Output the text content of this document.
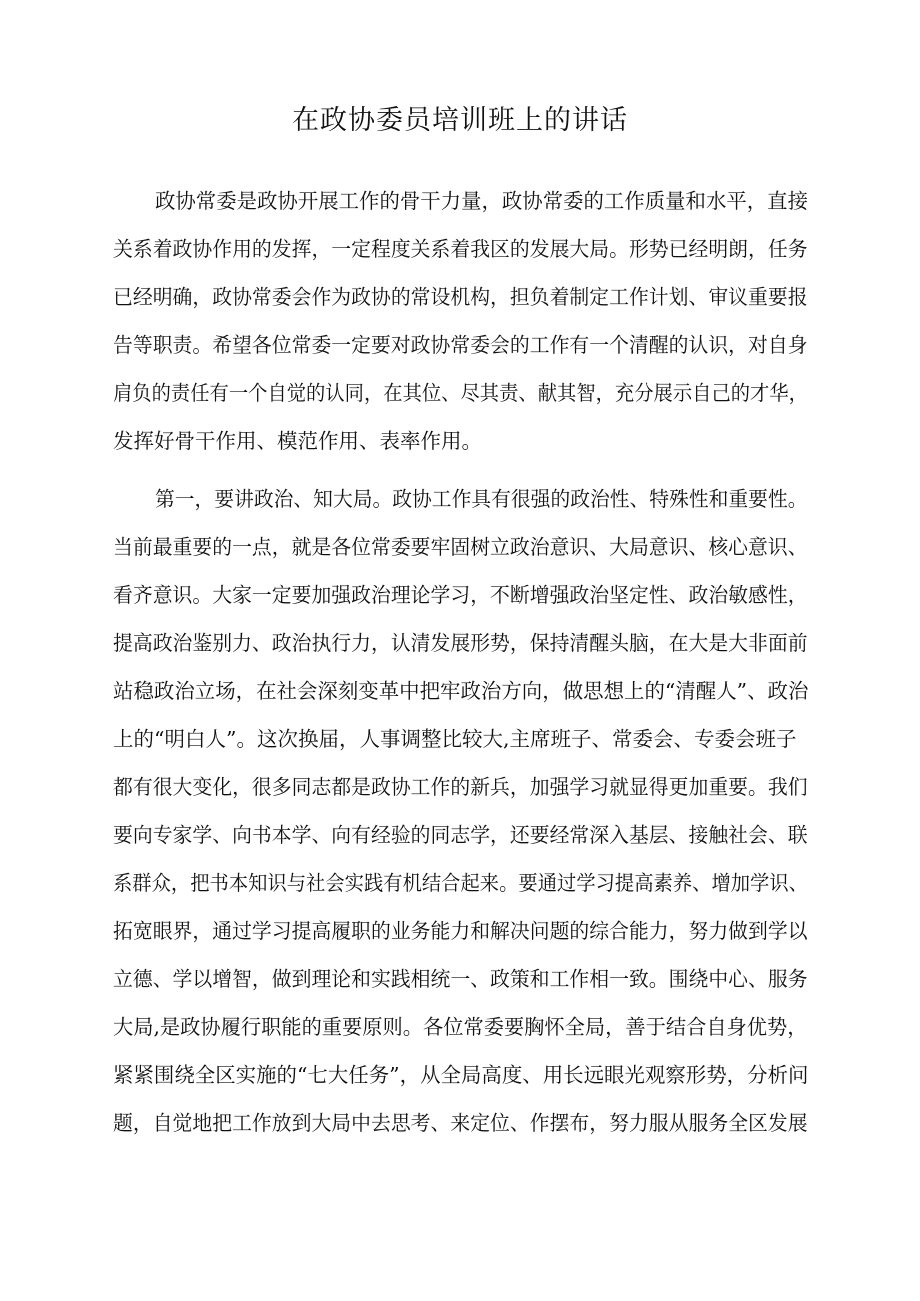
在政协委员培训班上的讲话
政协常委是政协开展工作的骨干力量，政协常委的工作质量和水平，直接
关系着政协作用的发挥，一定程度关系着我区的发展大局。形势已经明朗，任务
已经明确，政协常委会作为政协的常设机构，担负着制定工作计划、审议重要报
告等职责。希望各位常委一定要对政协常委会的工作有一个清醒的认识，对自身
肩负的责任有一个自觉的认同，在其位、尽其责、献其智，充分展示自己的才华，
发挥好骨干作用、模范作用、表率作用。
第一，要讲政治、知大局。政协工作具有很强的政治性、特殊性和重要性。
当前最重要的一点，就是各位常委要牢固树立政治意识、大局意识、核心意识、
看齐意识。大家一定要加强政治理论学习，不断增强政治坚定性、政治敏感性，
提高政治鉴别力、政治执行力，认清发展形势，保持清醒头脑，在大是大非面前
站稳政治立场，在社会深刻变革中把牢政治方向，做思想上的“清醒人”、政治
上的“明白人”。这次换届，人事调整比较大,主席班子、常委会、专委会班子
都有很大变化，很多同志都是政协工作的新兵，加强学习就显得更加重要。我们
要向专家学、向书本学、向有经验的同志学，还要经常深入基层、接触社会、联
系群众，把书本知识与社会实践有机结合起来。要通过学习提高素养、增加学识、
拓宽眼界，通过学习提高履职的业务能力和解决问题的综合能力，努力做到学以
立德、学以增智，做到理论和实践相统一、政策和工作相一致。围绕中心、服务
大局,是政协履行职能的重要原则。各位常委要胸怀全局，善于结合自身优势，
紧紧围绕全区实施的“七大任务”，从全局高度、用长远眼光观察形势，分析问
题，自觉地把工作放到大局中去思考、来定位、作摆布，努力服从服务全区发展
